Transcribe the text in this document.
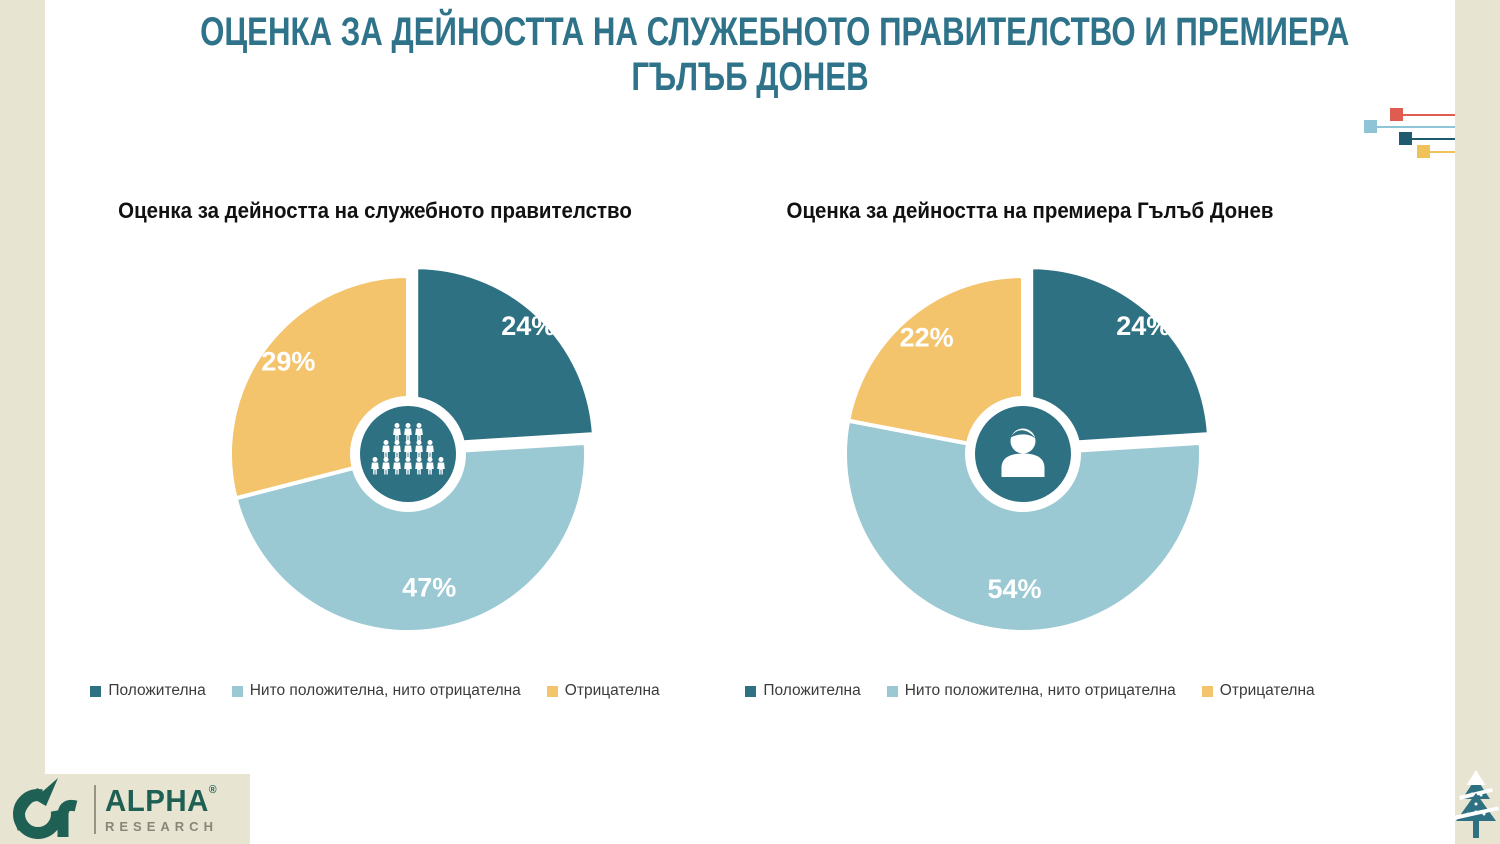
ОЦЕНКА ЗА ДЕЙНОСТТА НА СЛУЖЕБНОТО ПРАВИТЕЛСТВО И ПРЕМИЕРА
ГЪЛЪБ ДОНЕВ
Оценка за дейността на служебното правителство
24%
47%
29%
Положителна	Нито положителна, нито отрицателна	Отрицателна
Оценка за дейността на премиера Гълъб Донев
24%
54%
22%
Положителна	Нито положителна, нито отрицателна	Отрицателна
ALPHA®
RESEARCH
